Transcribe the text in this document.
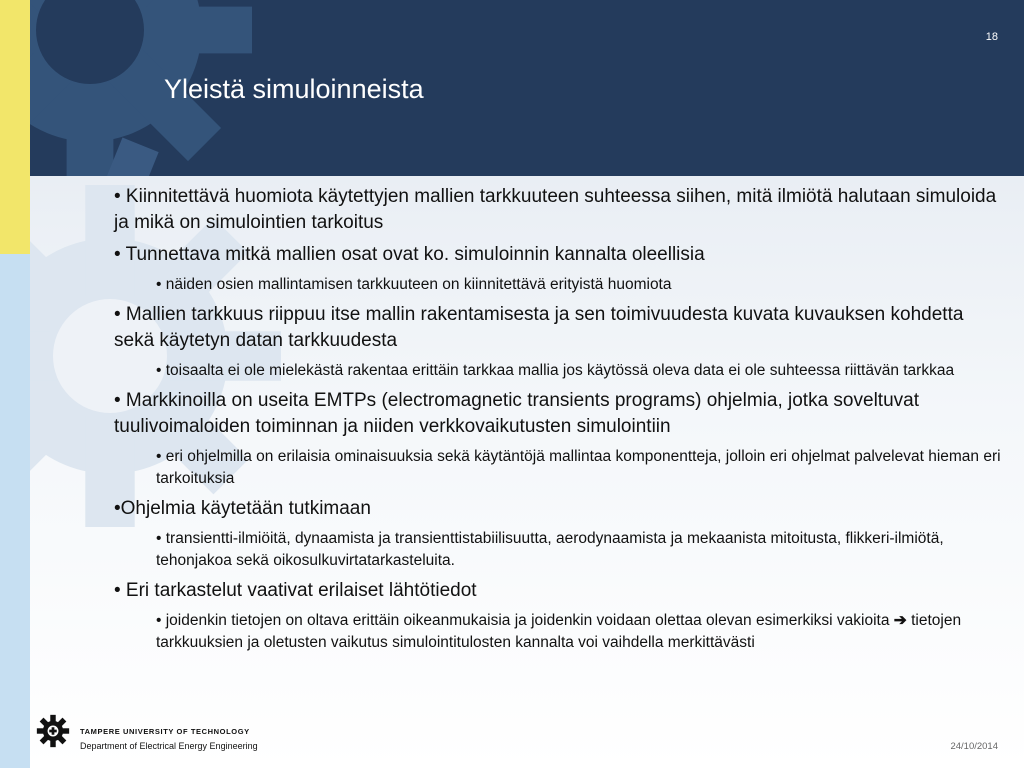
Yleistä simuloinneista
18

• Kiinnitettävä huomiota käytettyjen mallien tarkkuuteen suhteessa siihen, mitä ilmiötä halutaan simuloida ja mikä on simulointien tarkoitus

• Tunnettava mitkä mallien osat ovat ko. simuloinnin kannalta oleellisia

• näiden osien mallintamisen tarkkuuteen on kiinnitettävä erityistä huomiota

• Mallien tarkkuus riippuu itse mallin rakentamisesta ja sen toimivuudesta kuvata kuvauksen kohdetta sekä käytetyn datan tarkkuudesta

• toisaalta ei ole mielekästä rakentaa erittäin tarkkaa mallia jos käytössä oleva data ei ole suhteessa riittävän tarkkaa

• Markkinoilla on useita EMTPs (electromagnetic transients programs) ohjelmia, jotka soveltuvat tuulivoimaloiden toiminnan ja niiden verkkovaikutusten simulointiin

• eri ohjelmilla on erilaisia ominaisuuksia sekä käytäntöjä mallintaa komponentteja, jolloin eri ohjelmat palvelevat hieman eri tarkoituksia

•Ohjelmia käytetään tutkimaan

• transientti-ilmiöitä, dynaamista ja transienttistabiilisuutta, aerodynaamista ja mekaanista mitoitusta, flikkeri-ilmiötä, tehonjakoa sekä oikosulkuvirtatarkasteluita.

• Eri tarkastelut vaativat erilaiset lähtötiedot

• joidenkin tietojen on oltava erittäin oikeanmukaisia ja joidenkin voidaan olettaa olevan esimerkiksi vakioita ➔ tietojen tarkkuuksien ja oletusten vaikutus simulointitulosten kannalta voi vaihdella merkittävästi

TAMPERE UNIVERSITY OF TECHNOLOGY
Department of Electrical Energy Engineering	24/10/2014
